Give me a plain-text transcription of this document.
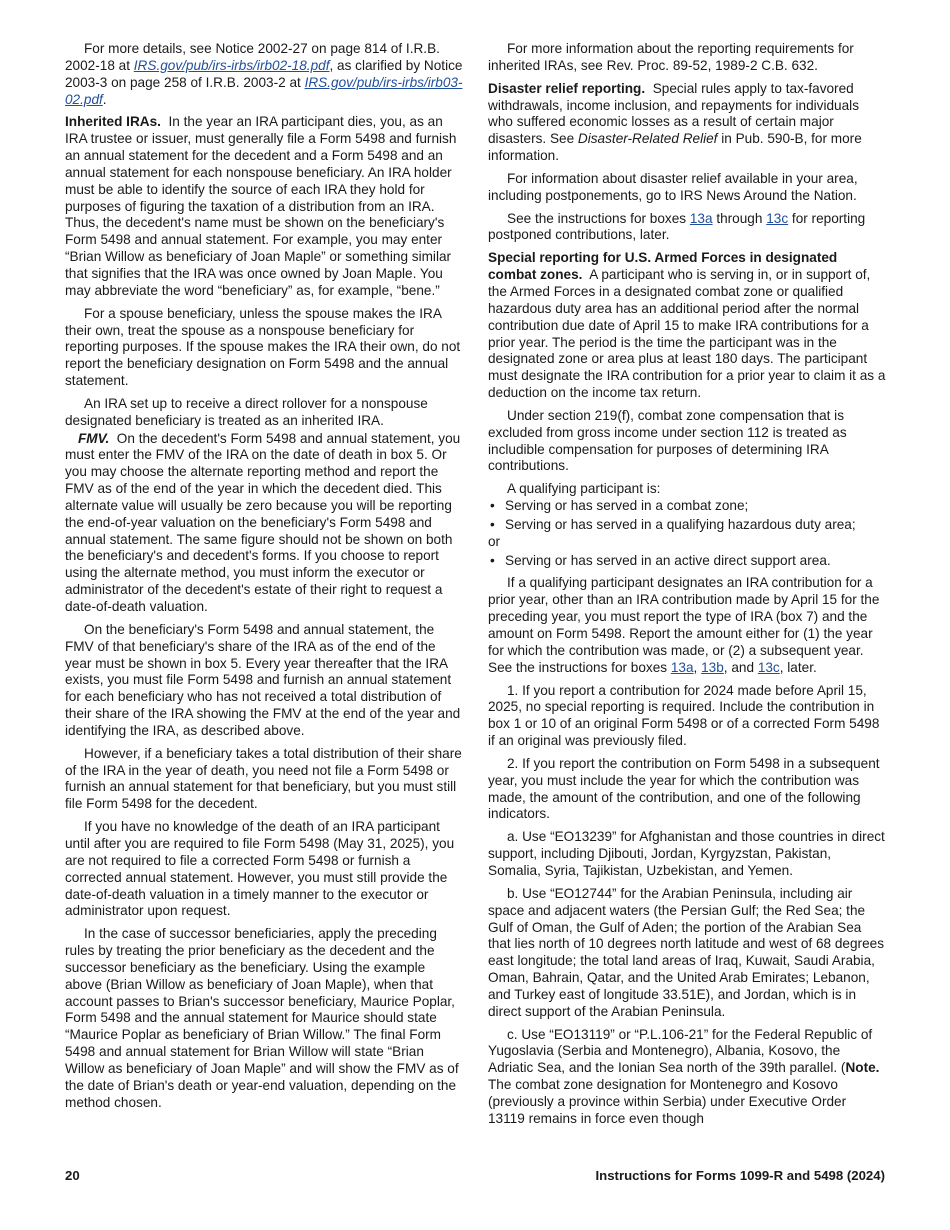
For more details, see Notice 2002-27 on page 814 of I.R.B. 2002-18 at IRS.gov/pub/irs-irbs/irb02-18.pdf, as clarified by Notice 2003-3 on page 258 of I.R.B. 2003-2 at IRS.gov/pub/irs-irbs/irb03-02.pdf.

Inherited IRAs. In the year an IRA participant dies, you, as an IRA trustee or issuer, must generally file a Form 5498 and furnish an annual statement for the decedent and a Form 5498 and an annual statement for each nonspouse beneficiary. An IRA holder must be able to identify the source of each IRA they hold for purposes of figuring the taxation of a distribution from an IRA. Thus, the decedent's name must be shown on the beneficiary's Form 5498 and annual statement. For example, you may enter “Brian Willow as beneficiary of Joan Maple” or something similar that signifies that the IRA was once owned by Joan Maple. You may abbreviate the word “beneficiary” as, for example, “bene.”

For a spouse beneficiary, unless the spouse makes the IRA their own, treat the spouse as a nonspouse beneficiary for reporting purposes. If the spouse makes the IRA their own, do not report the beneficiary designation on Form 5498 and the annual statement.

An IRA set up to receive a direct rollover for a nonspouse designated beneficiary is treated as an inherited IRA.

FMV. On the decedent's Form 5498 and annual statement, you must enter the FMV of the IRA on the date of death in box 5. Or you may choose the alternate reporting method and report the FMV as of the end of the year in which the decedent died. This alternate value will usually be zero because you will be reporting the end-of-year valuation on the beneficiary's Form 5498 and annual statement. The same figure should not be shown on both the beneficiary's and decedent's forms. If you choose to report using the alternate method, you must inform the executor or administrator of the decedent's estate of their right to request a date-of-death valuation.

On the beneficiary's Form 5498 and annual statement, the FMV of that beneficiary's share of the IRA as of the end of the year must be shown in box 5. Every year thereafter that the IRA exists, you must file Form 5498 and furnish an annual statement for each beneficiary who has not received a total distribution of their share of the IRA showing the FMV at the end of the year and identifying the IRA, as described above.

However, if a beneficiary takes a total distribution of their share of the IRA in the year of death, you need not file a Form 5498 or furnish an annual statement for that beneficiary, but you must still file Form 5498 for the decedent.

If you have no knowledge of the death of an IRA participant until after you are required to file Form 5498 (May 31, 2025), you are not required to file a corrected Form 5498 or furnish a corrected annual statement. However, you must still provide the date-of-death valuation in a timely manner to the executor or administrator upon request.

In the case of successor beneficiaries, apply the preceding rules by treating the prior beneficiary as the decedent and the successor beneficiary as the beneficiary. Using the example above (Brian Willow as beneficiary of Joan Maple), when that account passes to Brian's successor beneficiary, Maurice Poplar, Form 5498 and the annual statement for Maurice should state “Maurice Poplar as beneficiary of Brian Willow.” The final Form 5498 and annual statement for Brian Willow will state “Brian Willow as beneficiary of Joan Maple” and will show the FMV as of the date of Brian's death or year-end valuation, depending on the method chosen.

For more information about the reporting requirements for inherited IRAs, see Rev. Proc. 89-52, 1989-2 C.B. 632.

Disaster relief reporting. Special rules apply to tax-favored withdrawals, income inclusion, and repayments for individuals who suffered economic losses as a result of certain major disasters. See Disaster-Related Relief in Pub. 590-B, for more information.

For information about disaster relief available in your area, including postponements, go to IRS News Around the Nation.

See the instructions for boxes 13a through 13c for reporting postponed contributions, later.

Special reporting for U.S. Armed Forces in designated combat zones. A participant who is serving in, or in support of, the Armed Forces in a designated combat zone or qualified hazardous duty area has an additional period after the normal contribution due date of April 15 to make IRA contributions for a prior year. The period is the time the participant was in the designated zone or area plus at least 180 days. The participant must designate the IRA contribution for a prior year to claim it as a deduction on the income tax return.

Under section 219(f), combat zone compensation that is excluded from gross income under section 112 is treated as includible compensation for purposes of determining IRA contributions.

A qualifying participant is:

• Serving or has served in a combat zone;
• Serving or has served in a qualifying hazardous duty area;

or

• Serving or has served in an active direct support area.

If a qualifying participant designates an IRA contribution for a prior year, other than an IRA contribution made by April 15 for the preceding year, you must report the type of IRA (box 7) and the amount on Form 5498. Report the amount either for (1) the year for which the contribution was made, or (2) a subsequent year. See the instructions for boxes 13a, 13b, and 13c, later.

1. If you report a contribution for 2024 made before April 15, 2025, no special reporting is required. Include the contribution in box 1 or 10 of an original Form 5498 or of a corrected Form 5498 if an original was previously filed.

2. If you report the contribution on Form 5498 in a subsequent year, you must include the year for which the contribution was made, the amount of the contribution, and one of the following indicators.

a. Use “EO13239” for Afghanistan and those countries in direct support, including Djibouti, Jordan, Kyrgyzstan, Pakistan, Somalia, Syria, Tajikistan, Uzbekistan, and Yemen.

b. Use “EO12744” for the Arabian Peninsula, including air space and adjacent waters (the Persian Gulf; the Red Sea; the Gulf of Oman, the Gulf of Aden; the portion of the Arabian Sea that lies north of 10 degrees north latitude and west of 68 degrees east longitude; the total land areas of Iraq, Kuwait, Saudi Arabia, Oman, Bahrain, Qatar, and the United Arab Emirates; Lebanon, and Turkey east of longitude 33.51E), and Jordan, which is in direct support of the Arabian Peninsula.

c. Use “EO13119” or “P.L.106-21” for the Federal Republic of Yugoslavia (Serbia and Montenegro), Albania, Kosovo, the Adriatic Sea, and the Ionian Sea north of the 39th parallel. (Note. The combat zone designation for Montenegro and Kosovo (previously a province within Serbia) under Executive Order 13119 remains in force even though

20	Instructions for Forms 1099-R and 5498 (2024)
